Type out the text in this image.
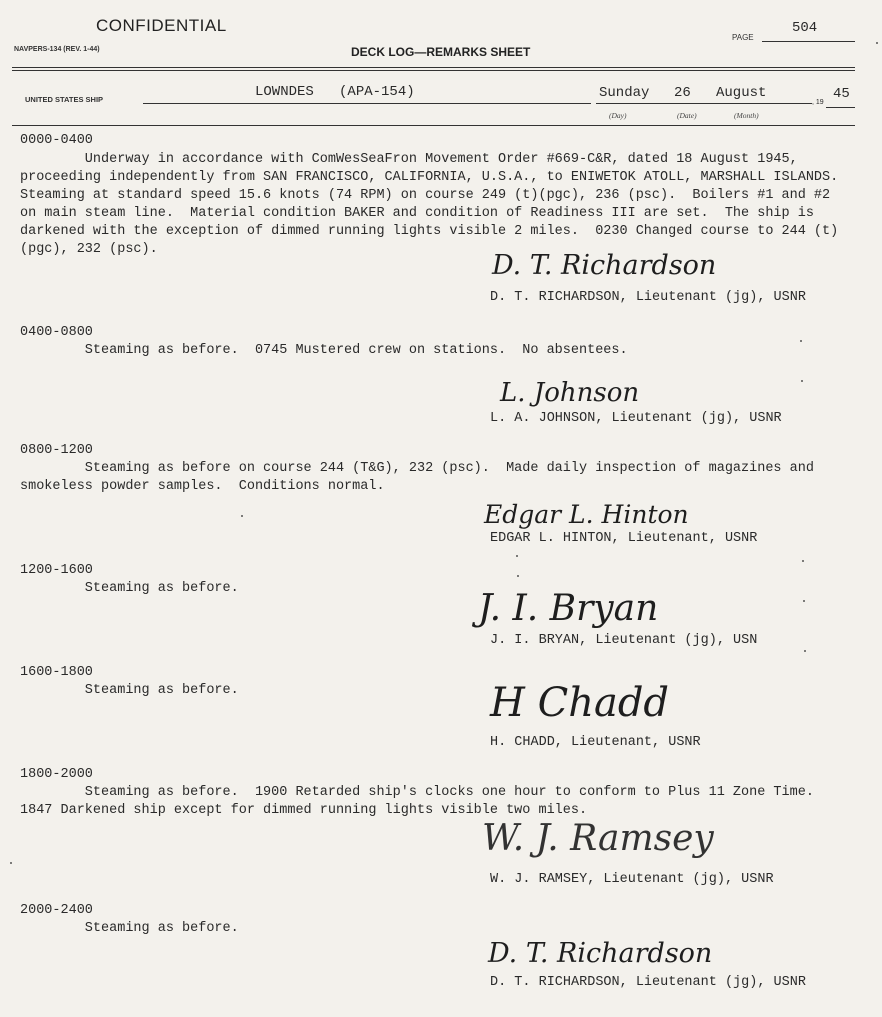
CONFIDENTIAL
NAVPERS-134 (REV. 1-44)	DECK LOG—REMARKS SHEET
PAGE
504
UNITED STATES SHIP	LOWNDES   (APA-154)	Sunday 26 August
(Day)	(Date)	(Month)
, 19
45
0000-0400
Underway in accordance with ComWesSeaFron Movement Order #669-C&R, dated 18 August 1945,
proceeding independently from SAN FRANCISCO, CALIFORNIA, U.S.A., to ENIWETOK ATOLL, MARSHALL ISLANDS.
Steaming at standard speed 15.6 knots (74 RPM) on course 249 (t)(pgc), 236 (psc).  Boilers #1 and #2
on main steam line.  Material condition BAKER and condition of Readiness III are set.  The ship is
darkened with the exception of dimmed running lights visible 2 miles.  0230 Changed course to 244 (t)
(pgc), 232 (psc).
D. T. Richardson
D. T. RICHARDSON, Lieutenant (jg), USNR
0400-0800
Steaming as before.  0745 Mustered crew on stations.  No absentees.
L. Johnson
L. A. JOHNSON, Lieutenant (jg), USNR
0800-1200
Steaming as before on course 244 (T&G), 232 (psc).  Made daily inspection of magazines and
smokeless powder samples.  Conditions normal.
Edgar L. Hinton
EDGAR L. HINTON, Lieutenant, USNR
1200-1600
Steaming as before.	J. I. Bryan
J. I. BRYAN, Lieutenant (jg), USN
1600-1800
Steaming as before.	H Chadd
H. CHADD, Lieutenant, USNR
1800-2000
Steaming as before.  1900 Retarded ship's clocks one hour to conform to Plus 11 Zone Time.
1847 Darkened ship except for dimmed running lights visible two miles.
W. J. Ramsey
W. J. RAMSEY, Lieutenant (jg), USNR
2000-2400
Steaming as before.
D. T. Richardson
D. T. RICHARDSON, Lieutenant (jg), USNR
